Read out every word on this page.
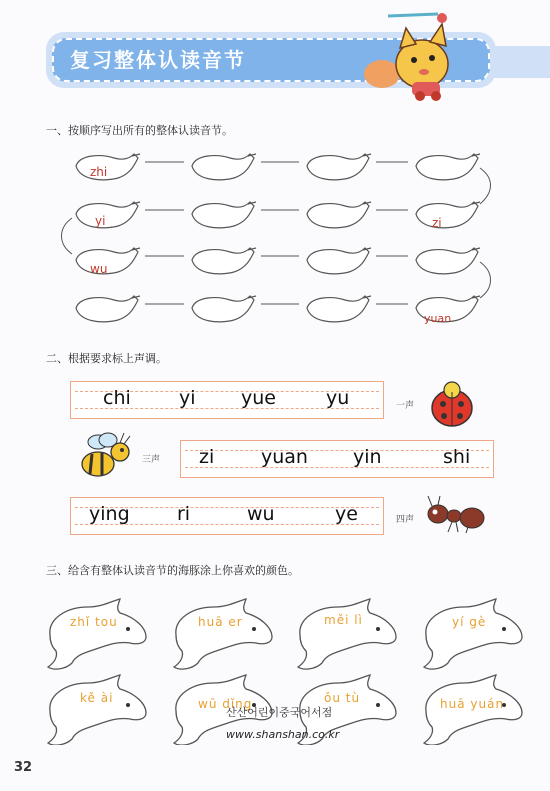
复习整体认读音节
一、按顺序写出所有的整体认读音节。
zhi
yi	zi
wu
yuan
二、根据要求标上声调。
chi	yi yue	yu	一声
三声 zi yuan yin	shi
ying ri	wu	ye	四声
三、给含有整体认读音节的海豚涂上你喜欢的颜色。
zhǐ tou	huā er	měi lì	yí gè
kě ài	wū dǐng	ǒu tù	huā yuán
산산어린이중국어서점
www.shanshan.co.kr
32
